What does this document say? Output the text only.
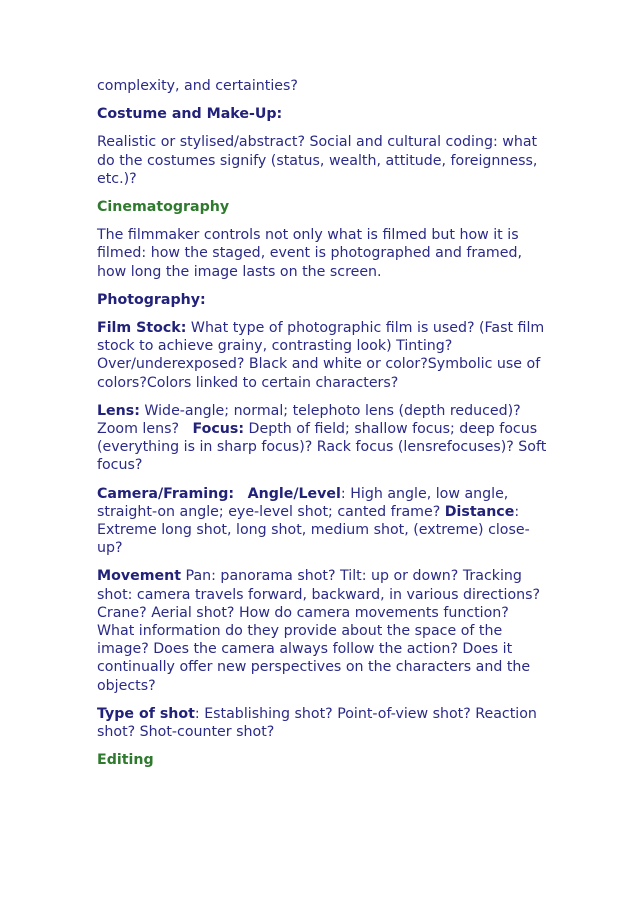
complexity, and certainties?

Costume and Make-Up:

Realistic or stylised/abstract? Social and cultural coding: what do the costumes signify (status, wealth, attitude, foreignness, etc.)?

Cinematography

The filmmaker controls not only what is filmed but how it is filmed: how the staged, event is photographed and framed, how long the image lasts on the screen.

Photography:

Film Stock: What type of photographic film is used? (Fast film stock to achieve grainy, contrasting look) Tinting? Over/underexposed? Black and white or color?Symbolic use of colors?Colors linked to certain characters?

Lens: Wide-angle; normal; telephoto lens (depth reduced)? Zoom lens?   Focus: Depth of field; shallow focus; deep focus (everything is in sharp focus)? Rack focus (lensrefocuses)? Soft focus?

Camera/Framing: Angle/Level: High angle, low angle, straight-on angle; eye-level shot; canted frame? Distance: Extreme long shot, long shot, medium shot, (extreme) close-up?

Movement Pan: panorama shot? Tilt: up or down? Tracking shot: camera travels forward, backward, in various directions? Crane? Aerial shot? How do camera movements function? What information do they provide about the space of the image? Does the camera always follow the action? Does it continually offer new perspectives on the characters and the objects?

Type of shot: Establishing shot? Point-of-view shot? Reaction shot? Shot-counter shot?

Editing
